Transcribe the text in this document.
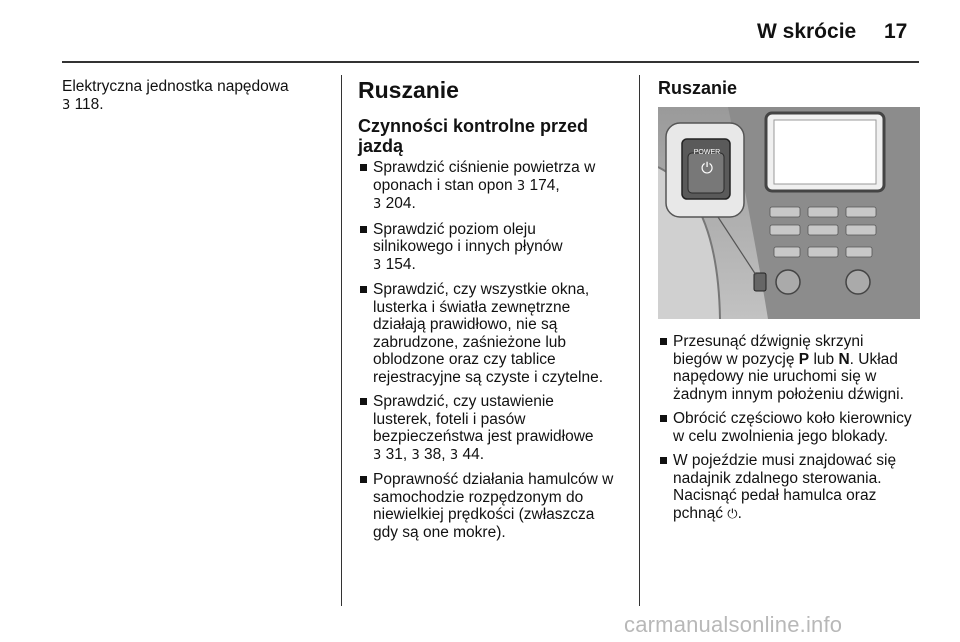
W skrócie 17
Elektryczna jednostka napędowa
3 118.
Ruszanie
Czynności kontrolne przed jazdą
Sprawdzić ciśnienie powietrza w
oponach i stan opon 3 174,
3 204.
Sprawdzić poziom oleju
silnikowego i innych płynów
3 154.
Sprawdzić, czy wszystkie okna,
lusterka i światła zewnętrzne
działają prawidłowo, nie są
zabrudzone, zaśnieżone lub
oblodzone oraz czy tablice
rejestracyjne są czyste i czytelne.
Sprawdzić, czy ustawienie
lusterek, foteli i pasów
bezpieczeństwa jest prawidłowe
3 31, 3 38, 3 44.
Poprawność działania hamulców w
samochodzie rozpędzonym do
niewielkiej prędkości (zwłaszcza
gdy są one mokre).
Ruszanie
POWER
⏻
Przesunąć dźwignię skrzyni
biegów w pozycję P lub N. Układ
napędowy nie uruchomi się w
żadnym innym położeniu dźwigni.
Obrócić częściowo koło kierownicy
w celu zwolnienia jego blokady.
W pojeździe musi znajdować się
nadajnik zdalnego sterowania.
Nacisnąć pedał hamulca oraz
pchnąć ⏻.
carmanualsonline.info
